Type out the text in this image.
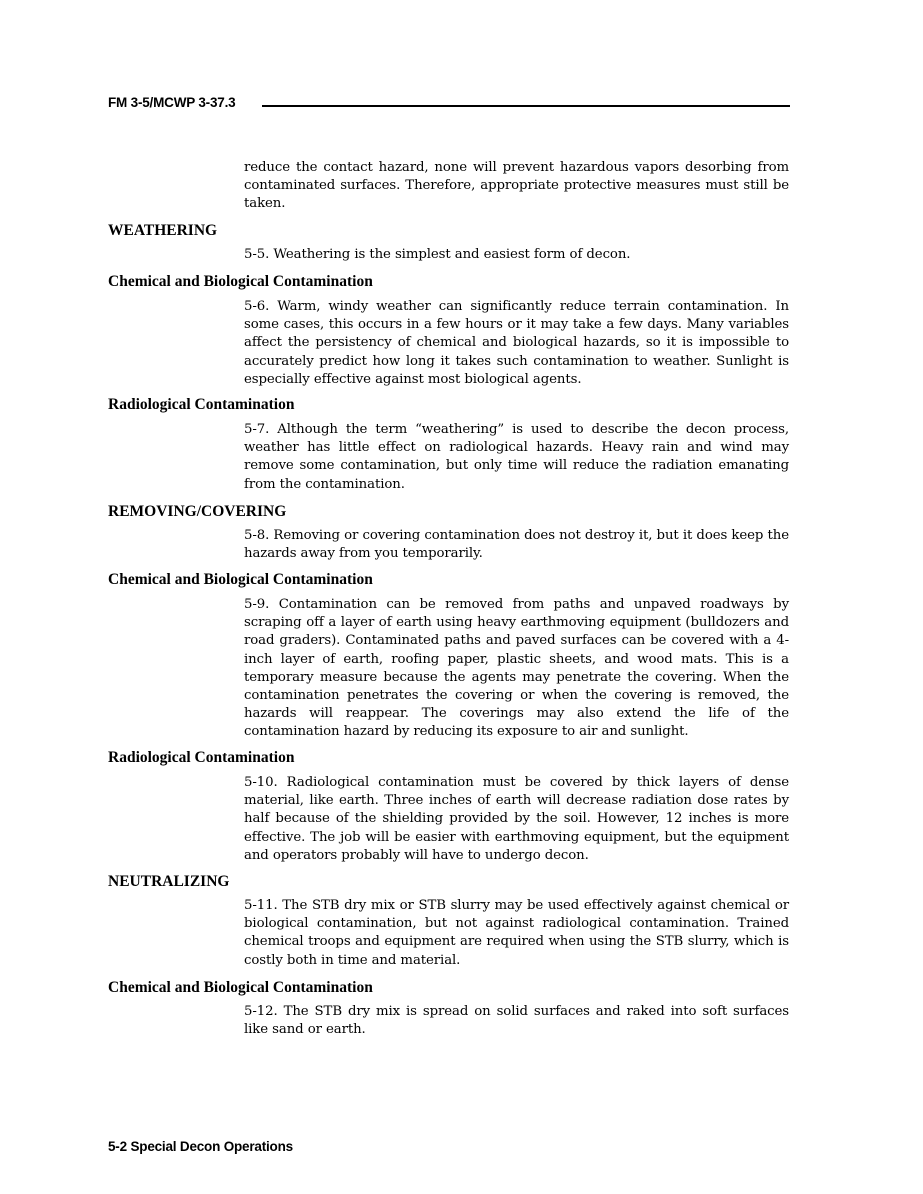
FM 3-5/MCWP 3-37.3

reduce the contact hazard, none will prevent hazardous vapors desorbing from contaminated surfaces. Therefore, appropriate protective measures must still be taken.

WEATHERING

5-5. Weathering is the simplest and easiest form of decon.

Chemical and Biological Contamination

5-6. Warm, windy weather can significantly reduce terrain contamination. In some cases, this occurs in a few hours or it may take a few days. Many variables affect the persistency of chemical and biological hazards, so it is impossible to accurately predict how long it takes such contamination to weather. Sunlight is especially effective against most biological agents.

Radiological Contamination

5-7. Although the term “weathering” is used to describe the decon process, weather has little effect on radiological hazards. Heavy rain and wind may remove some contamination, but only time will reduce the radiation emanating from the contamination.

REMOVING/COVERING

5-8. Removing or covering contamination does not destroy it, but it does keep the hazards away from you temporarily.

Chemical and Biological Contamination

5-9. Contamination can be removed from paths and unpaved roadways by scraping off a layer of earth using heavy earthmoving equipment (bulldozers and road graders). Contaminated paths and paved surfaces can be covered with a 4-inch layer of earth, roofing paper, plastic sheets, and wood mats. This is a temporary measure because the agents may penetrate the covering. When the contamination penetrates the covering or when the covering is removed, the hazards will reappear. The coverings may also extend the life of the contamination hazard by reducing its exposure to air and sunlight.

Radiological Contamination

5-10. Radiological contamination must be covered by thick layers of dense material, like earth. Three inches of earth will decrease radiation dose rates by half because of the shielding provided by the soil. However, 12 inches is more effective. The job will be easier with earthmoving equipment, but the equipment and operators probably will have to undergo decon.

NEUTRALIZING

5-11. The STB dry mix or STB slurry may be used effectively against chemical or biological contamination, but not against radiological contamination. Trained chemical troops and equipment are required when using the STB slurry, which is costly both in time and material.

Chemical and Biological Contamination

5-12. The STB dry mix is spread on solid surfaces and raked into soft surfaces like sand or earth.

5-2 Special Decon Operations
